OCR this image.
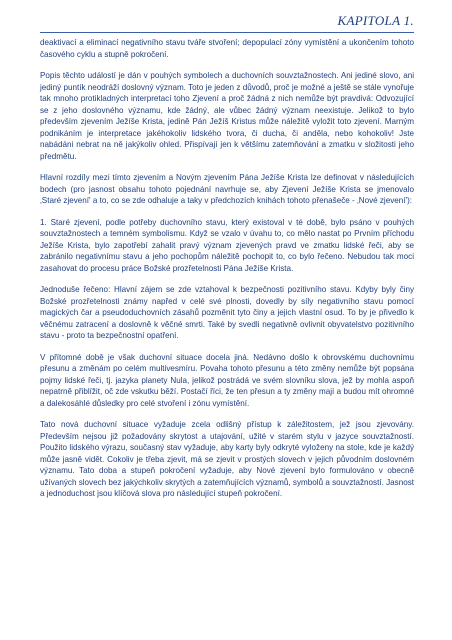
KAPITOLA 1.

deaktivací a eliminací negativního stavu tváře stvoření; depopulací zóny vymístění a ukončením tohoto časového cyklu a stupně pokročení.

Popis těchto událostí je dán v pouhých symbolech a duchovních souvztažnostech. Ani jediné slovo, ani jediný puntík neodráží doslovný význam. Toto je jeden z důvodů, proč je možné a ještě se stále vynořuje tak mnoho protikladných interpretací toho Zjevení a proč žádná z nich nemůže být pravdivá: Odvozující se z jeho doslovného významu, kde žádný, ale vůbec žádný význam neexistuje. Jelikož to bylo především zjevením Ježíše Krista, jedině Pán Ježíš Kristus může náležitě vyložit toto zjevení. Marným podnikáním je interpretace jakéhokoliv lidského tvora, či ducha, či anděla, nebo kohokoliv! Jste nabádáni nebrat na ně jakýkoliv ohled. Přispívají jen k většímu zatemňování a zmatku v složitosti jeho předmětu.

Hlavní rozdíly mezi tímto zjevením a Novým zjevením Pána Ježíše Krista lze definovat v následujících bodech (pro jasnost obsahu tohoto pojednání navrhuje se, aby Zjevení Ježíše Krista se jmenovalo ‚Staré zjevení' a to, co se zde odhaluje a taky v předchozích knihách tohoto přenašeče - ‚Nové zjevení'):

1. Staré zjevení, podle potřeby duchovního stavu, který existoval v té době, bylo psáno v pouhých souvztažnostech a temném symbolismu. Když se vzalo v úvahu to, co mělo nastat po Prvním příchodu Ježíše Krista, bylo zapotřebí zahalit pravý význam zjevených pravd ve zmatku lidské řeči, aby se zabránilo negativnímu stavu a jeho pochopům náležitě pochopit to, co bylo řečeno. Nebudou tak moci zasahovat do procesu práce Božské prozřetelnosti Pána Ježíše Krista.

Jednoduše řečeno: Hlavní zájem se zde vztahoval k bezpečnosti pozitivního stavu. Kdyby byly činy Božské prozřetelnosti známy napřed v celé své plnosti, dovedly by síly negativního stavu pomocí magických čar a pseudoduchovních zásahů pozměnit tyto činy a jejich vlastní osud. To by je přivedlo k věčnému zatracení a doslovně k věčné smrti. Také by svedli negativně ovlivnit obyvatelstvo pozitivního stavu - proto ta bezpečnostní opatření.

V přítomné době je však duchovní situace docela jiná. Nedávno došlo k obrovskému duchovnímu přesunu a změnám po celém multivesmíru. Povaha tohoto přesunu a této změny nemůže být popsána pojmy lidské řeči, tj. jazyka planety Nula, jelikož postrádá ve svém slovníku slova, jež by mohla aspoň nepatrně přiblížit, oč zde vskutku běží. Postačí říci, že ten přesun a ty změny mají a budou mít ohromné a dalekosáhlé důsledky pro celé stvoření i zónu vymístění.

Tato nová duchovní situace vyžaduje zcela odlišný přístup k záležitostem, jež jsou zjevovány. Především nejsou již požadovány skrytost a utajování, užité v starém stylu v jazyce souvztažností. Použito lidského výrazu, současný stav vyžaduje, aby karty byly odkryté vyloženy na stole, kde je každý může jasně vidět. Cokoliv je třeba zjevit, má se zjevit v prostých slovech v jejich původním doslovném významu. Tato doba a stupeň pokročení vyžaduje, aby Nové zjevení bylo formulováno v obecně užívaných slovech bez jakýchkoliv skrytých a zatemňujících významů, symbolů a souvztažností. Jasnost a jednoduchost jsou klíčová slova pro následující stupeň pokročení.
